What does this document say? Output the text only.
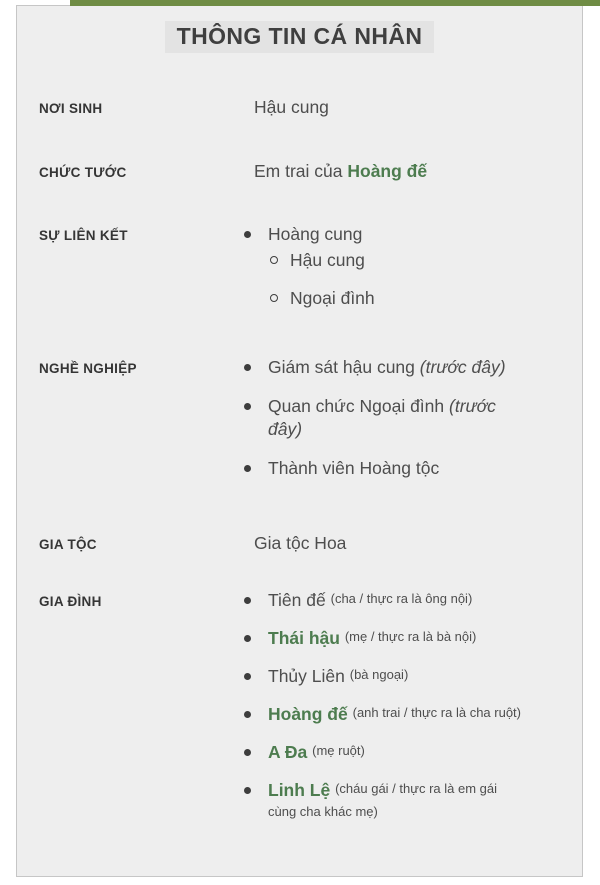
THÔNG TIN CÁ NHÂN
NƠI SINH	Hậu cung
CHỨC TƯỚC	Em trai của Hoàng đế
SỰ LIÊN KẾT	Hoàng cung
Hậu cung
Ngoại đình
NGHỀ NGHIỆP	Giám sát hậu cung (trước đây)
Quan chức Ngoại đình (trước đây)
Thành viên Hoàng tộc
GIA TỘC	Gia tộc Hoa
GIA ĐÌNH	Tiên đế (cha / thực ra là ông nội)
Thái hậu (mẹ / thực ra là bà nội)
Thủy Liên (bà ngoại)
Hoàng đế (anh trai / thực ra là cha ruột)
A Đa (mẹ ruột)
Linh Lệ (cháu gái / thực ra là em gái cùng cha khác mẹ)
